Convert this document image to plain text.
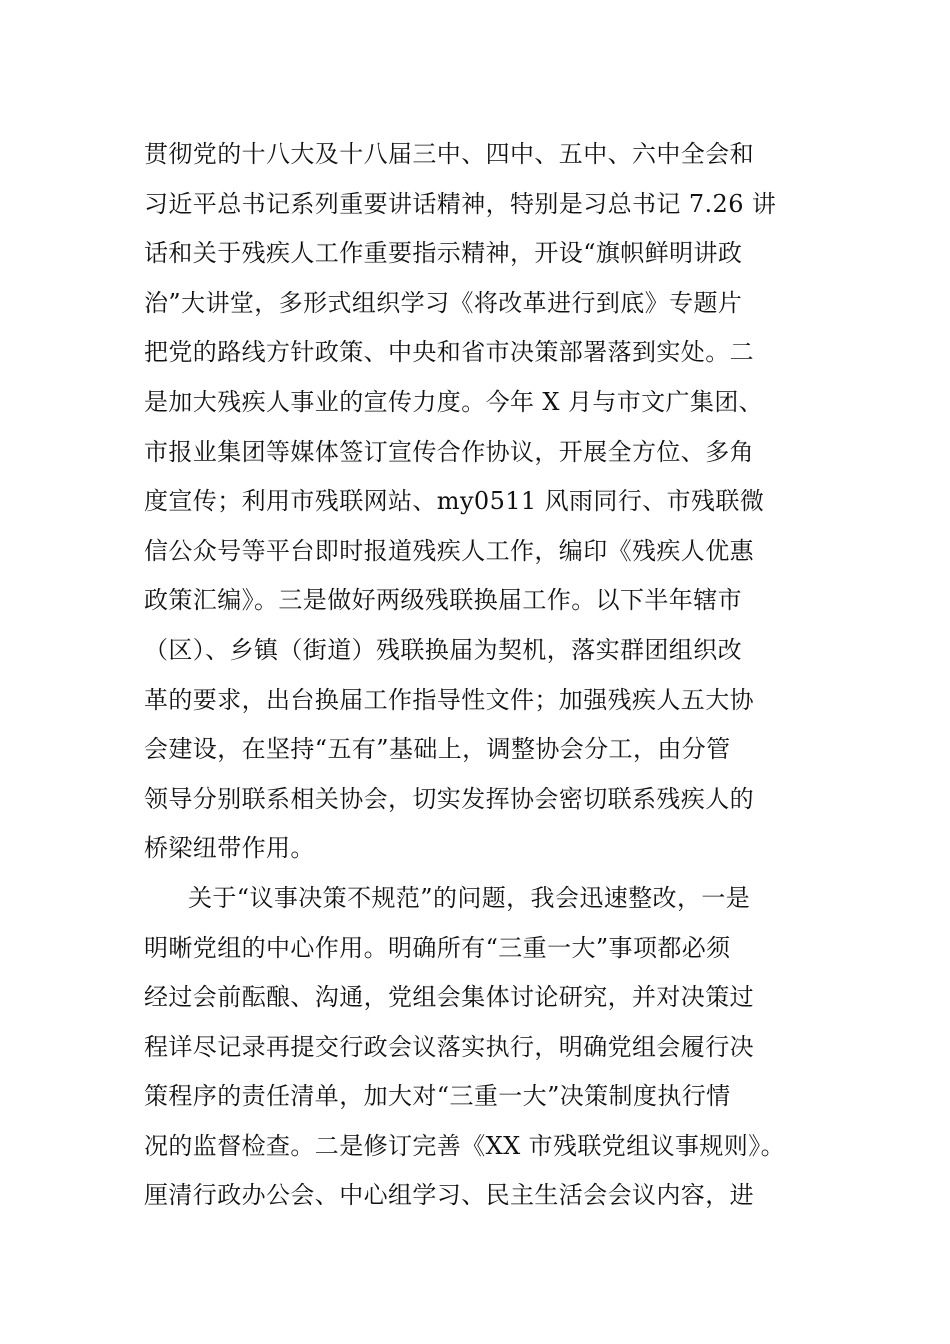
贯彻党的十八大及十八届三中、四中、五中、六中全会和
习近平总书记系列重要讲话精神，特别是习总书记 7.26 讲
话和关于残疾人工作重要指示精神，开设“旗帜鲜明讲政
治”大讲堂，多形式组织学习《将改革进行到底》专题片
把党的路线方针政策、中央和省市决策部署落到实处。二
是加大残疾人事业的宣传力度。今年 X 月与市文广集团、
市报业集团等媒体签订宣传合作协议，开展全方位、多角
度宣传；利用市残联网站、my0511 风雨同行、市残联微
信公众号等平台即时报道残疾人工作，编印《残疾人优惠
政策汇编》。三是做好两级残联换届工作。以下半年辖市
（区）、乡镇（街道）残联换届为契机，落实群团组织改
革的要求，出台换届工作指导性文件；加强残疾人五大协
会建设，在坚持“五有”基础上，调整协会分工，由分管
领导分别联系相关协会，切实发挥协会密切联系残疾人的
桥梁纽带作用。
关于“议事决策不规范”的问题，我会迅速整改，一是
明晰党组的中心作用。明确所有“三重一大”事项都必须
经过会前酝酿、沟通，党组会集体讨论研究，并对决策过
程详尽记录再提交行政会议落实执行，明确党组会履行决
策程序的责任清单，加大对“三重一大”决策制度执行情
况的监督检查。二是修订完善《XX 市残联党组议事规则》。
厘清行政办公会、中心组学习、民主生活会会议内容，进
